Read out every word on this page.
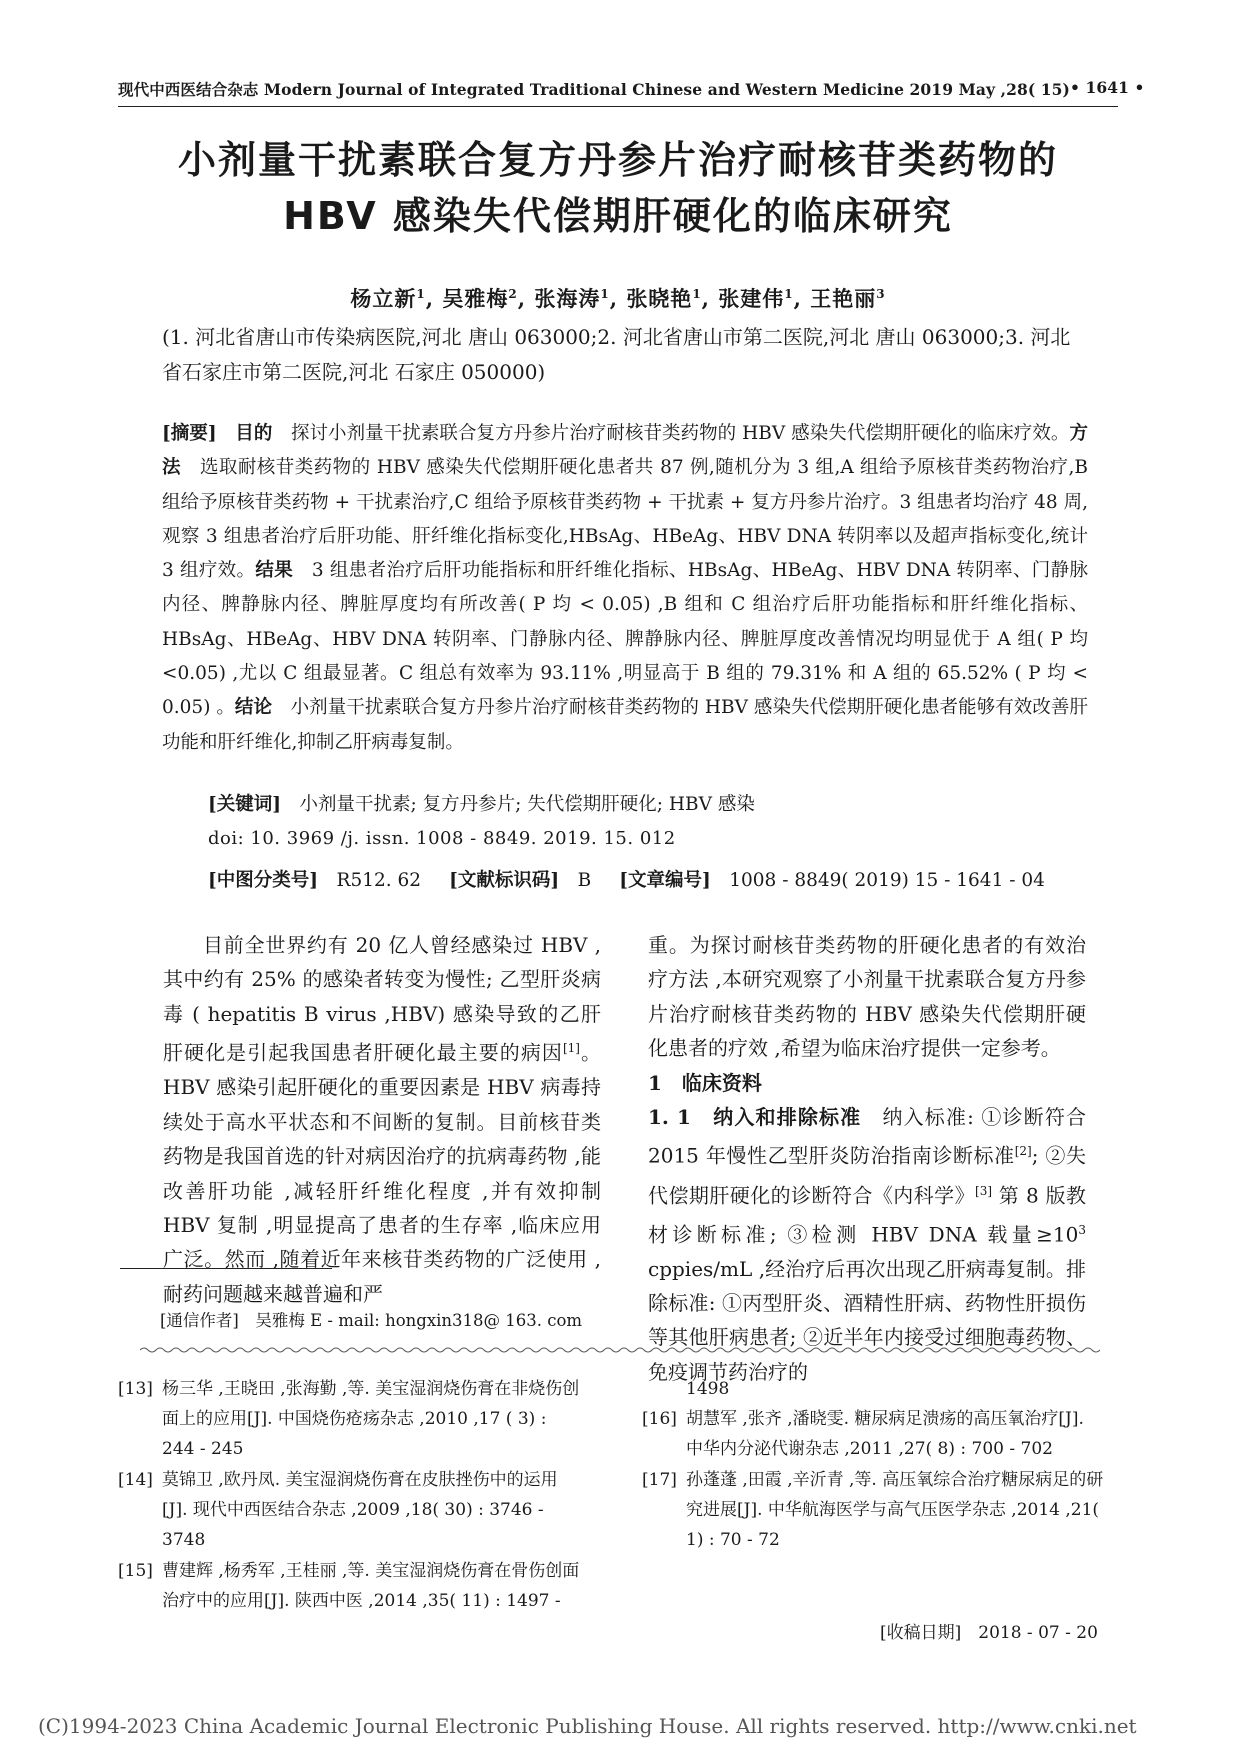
现代中西医结合杂志 Modern Journal of Integrated Traditional Chinese and Western Medicine 2019 May ,28( 15) • 1641 •
小剂量干扰素联合复方丹参片治疗耐核苷类药物的
HBV 感染失代偿期肝硬化的临床研究
杨立新$^1$, 吴雅梅$^2$, 张海涛$^1$, 张晓艳$^1$, 张建伟$^1$, 王艳丽$^3$
(1. 河北省唐山市传染病医院,河北 唐山 063000;2. 河北省唐山市第二医院,河北 唐山 063000;3. 河北省石家庄市第二医院,河北 石家庄 050000)
[摘要]　 目的　 探讨小剂量干扰素联合复方丹参片治疗耐核苷类药物的 HBV 感染失代偿期肝硬化的临床疗效。方法　 选取耐核苷类药物的 HBV 感染失代偿期肝硬化患者共 87 例,随机分为 3 组,A 组给予原核苷类药物治疗,B 组给予原核苷类药物 + 干扰素治疗,C 组给予原核苷类药物 + 干扰素 + 复方丹参片治疗。3 组患者均治疗 48 周,观察 3 组患者治疗后肝功能、肝纤维化指标变化,HBsAg、HBeAg、HBV DNA 转阴率以及超声指标变化,统计 3 组疗效。结果　 3 组患者治疗后肝功能指标和肝纤维化指标、HBsAg、HBeAg、HBV DNA 转阴率、门静脉内径、脾静脉内径、脾脏厚度均有所改善( P 均 < 0.05) ,B 组和 C 组治疗后肝功能指标和肝纤维化指标、HBsAg、HBeAg、HBV DNA 转阴率、门静脉内径、脾静脉内径、脾脏厚度改善情况均明显优于 A 组( P 均 <0.05) ,尤以 C 组最显著。C 组总有效率为 93.11% ,明显高于 B 组的 79.31% 和 A 组的 65.52% ( P 均 < 0.05) 。结论　 小剂量干扰素联合复方丹参片治疗耐核苷类药物的 HBV 感染失代偿期肝硬化患者能够有效改善肝功能和肝纤维化,抑制乙肝病毒复制。
[关键词]　 小剂量干扰素; 复方丹参片; 失代偿期肝硬化; HBV 感染
doi: 10. 3969 /j. issn. 1008 - 8849. 2019. 15. 012
[中图分类号]　 R512. 62 [文献标识码]　 B [文章编号]　 1008 - 8849( 2019) 15 - 1641 - 04

目前全世界约有 20 亿人曾经感染过 HBV ,其中约有 25% 的感染者转变为慢性; 乙型肝炎病毒 ( hepatitis B virus ,HBV) 感染导致的乙肝肝硬化是引起我国患者肝硬化最主要的病因[1]。HBV 感染引起肝硬化的重要因素是 HBV 病毒持续处于高水平状态和不间断的复制。目前核苷类药物是我国首选的针对病因治疗的抗病毒药物 ,能改善肝功能 ,减轻肝纤维化程度 ,并有效抑制 HBV 复制 ,明显提高了患者的生存率 ,临床应用广泛。然而 ,随着近年来核苷类药物的广泛使用 ,耐药问题越来越普遍和严

重。为探讨耐核苷类药物的肝硬化患者的有效治疗方法 ,本研究观察了小剂量干扰素联合复方丹参片治疗耐核苷类药物的 HBV 感染失代偿期肝硬化患者的疗效 ,希望为临床治疗提供一定参考。

1　临床资料

1. 1　纳入和排除标准　 纳入标准: ①诊断符合 2015 年慢性乙型肝炎防治指南诊断标准[2]; ②失代偿期肝硬化的诊断符合《内科学》[3] 第 8 版教材诊断标准; ③检测 HBV DNA 载量$\ge 10^3$ cppies/mL ,经治疗后再次出现乙肝病毒复制。排除标准: ①丙型肝炎、酒精性肝病、药物性肝损伤等其他肝病患者; ②近半年内接受过细胞毒药物、免疫调节药治疗的

[通信作者]　吴雅梅 E - mail: hongxin318@ 163. com
[13] 杨三华 ,王晓田 ,张海勤 ,等. 美宝湿润烧伤膏在非烧伤创面上的应用[J]. 中国烧伤疮疡杂志 ,2010 ,17 ( 3) : 244 - 245
[14] 莫锦卫 ,欧丹凤. 美宝湿润烧伤膏在皮肤挫伤中的运用[J]. 现代中西医结合杂志 ,2009 ,18( 30) : 3746 - 3748
[15] 曹建辉 ,杨秀军 ,王桂丽 ,等. 美宝湿润烧伤膏在骨伤创面治疗中的应用[J]. 陕西中医 ,2014 ,35( 11) : 1497 -
1498
[16] 胡慧军 ,张齐 ,潘晓雯. 糖尿病足溃疡的高压氧治疗[J]. 中华内分泌代谢杂志 ,2011 ,27( 8) : 700 - 702
[17] 孙蓬蓬 ,田霞 ,辛沂青 ,等. 高压氧综合治疗糖尿病足的研究进展[J]. 中华航海医学与高气压医学杂志 ,2014 ,21( 1) : 70 - 72
[收稿日期]　2018 - 07 - 20
(C)1994-2023 China Academic Journal Electronic Publishing House. All rights reserved. http://www.cnki.net
